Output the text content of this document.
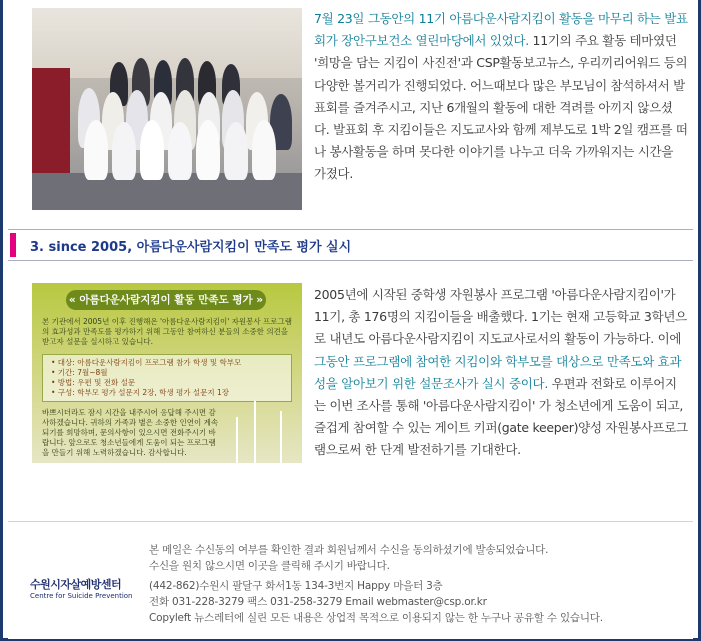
7월 23일 그동안의 11기 아름다운사람지킴이 활동을 마무리 하는 발표회가 장안구보건소 열린마당에서 있었다. 11기의 주요 활동 테마였던 '희망을 담는 지킴이 사진전'과 CSP활동보고뉴스, 우리끼리어워드 등의 다양한 볼거리가 진행되었다. 어느때보다 많은 부모님이 참석하셔서 발표회를 즐겨주시고, 지난 6개월의 활동에 대한 격려를 아끼지 않으셨다. 발표회 후 지킴이들은 지도교사와 함께 제부도로 1박 2일 캠프를 떠나 봉사활동을 하며 못다한 이야기를 나누고 더욱 가까워지는 시간을 가졌다.
3. since 2005, 아름다운사람지킴이 만족도 평가 실시
« 아름다운사람지킴이 활동 만족도 평가 »
본 기관에서 2005년 이후 진행해온 '아름다운사람지킴이' 자원봉사 프로그램의 효과성과 만족도를 평가하기 위해 그동안 참여하신 분들의 소중한 의견을 받고자 설문을 실시하고 있습니다.
• 대상: 아름다운사람지킴이 프로그램 참가 학생 및 학부모
• 기간: 7월~8월
• 방법: 우편 및 전화 설문
• 구성: 학부모 평가 설문지 2장, 학생 평가 설문지 1장
바쁘시더라도 잠시 시간을 내주시어 응답해 주시면 감사하겠습니다. 귀하의 가족과 별은 소중한 인연이 계속 되기를 희망하며, 문의사항이 있으시면 전화주시기 바랍니다. 앞으로도 청소년들에게 도움이 되는 프로그램을 만들기 위해 노력하겠습니다. 감사합니다.
2005년에 시작된 중학생 자원봉사 프로그램 '아름다운사람지킴이'가 11기, 총 176명의 지킴이들을 배출했다. 1기는 현재 고등학교 3학년으로 내년도 아름다운사람지킴이 지도교사로서의 활동이 가능하다. 이에 그동안 프로그램에 참여한 지킴이와 학부모를 대상으로 만족도와 효과성을 알아보기 위한 설문조사가 실시 중이다. 우편과 전화로 이루어지는 이번 조사를 통해 '아름다운사람지킴이' 가 청소년에게 도움이 되고, 즐겁게 참여할 수 있는 게이트 키퍼(gate keeper)양성 자원봉사프로그램으로써 한 단계 발전하기를 기대한다.
수원시자살예방센터
Centre for Suicide Prevention
본 메일은 수신동의 여부를 확인한 결과 회원님께서 수신을 동의하셨기에 발송되었습니다.
수신을 원치 않으시면 이곳을 클릭해 주시기 바랍니다.
(442-862)수원시 팔달구 화서1동 134-3번지 Happy 마을터 3층
전화 031-228-3279 팩스 031-258-3279 Email webmaster@csp.or.kr
Copyleft 뉴스레터에 실린 모든 내용은 상업적 목적으로 이용되지 않는 한 누구나 공유할 수 있습니다.
